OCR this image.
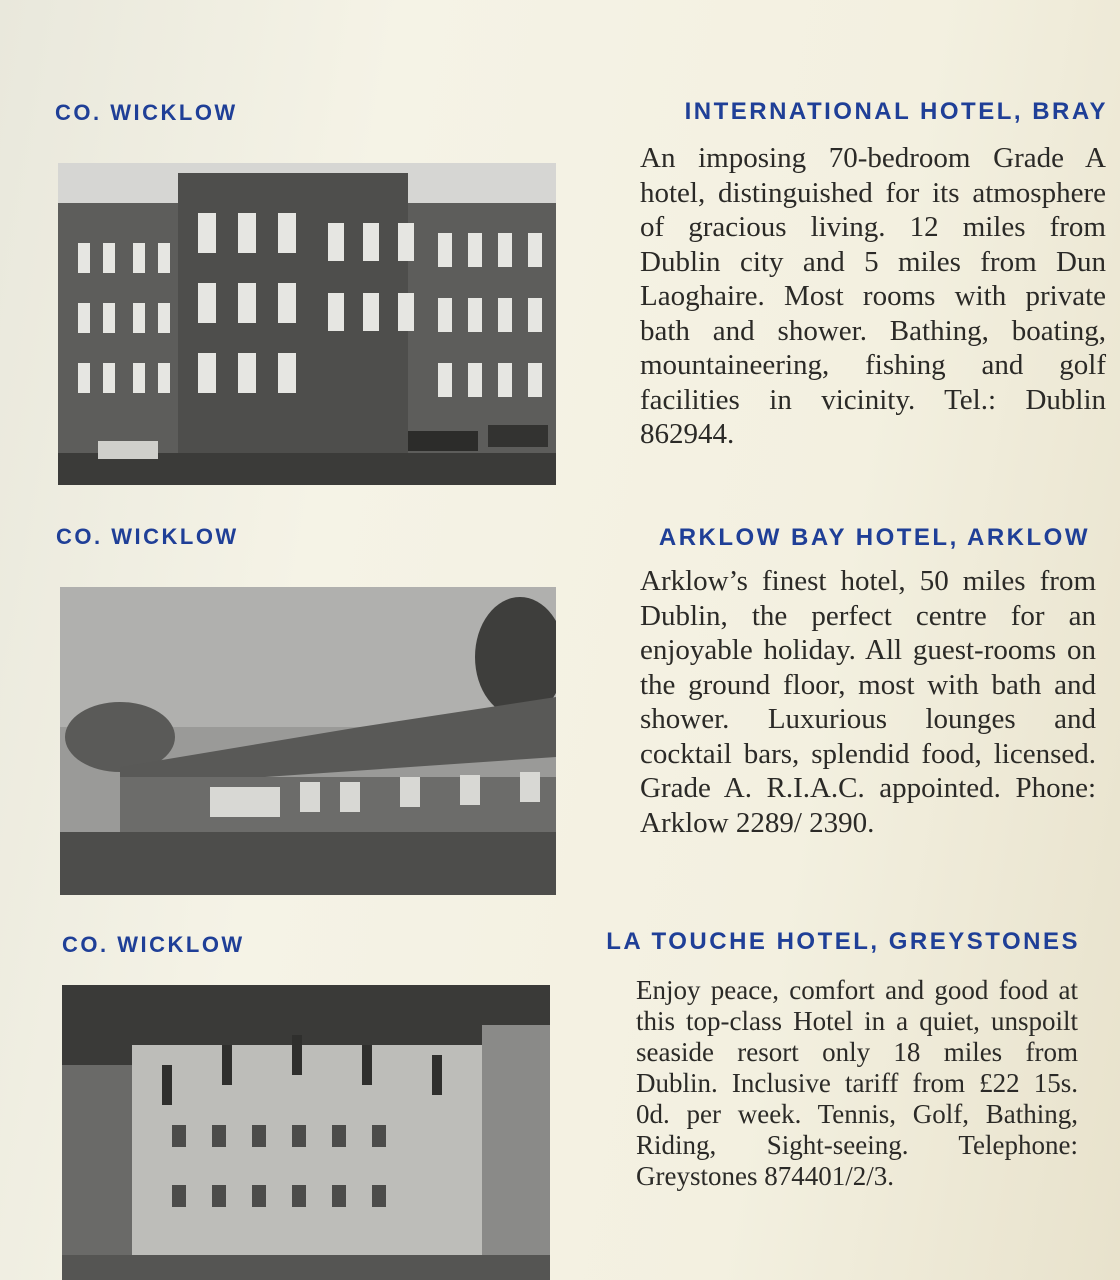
CO. WICKLOW	INTERNATIONAL HOTEL, BRAY
An imposing 70-bedroom Grade A hotel, distinguished for its atmosphere of gracious living. 12 miles from Dublin city and 5 miles from Dun Laoghaire. Most rooms with private bath and shower. Bathing, boating, mountaineering, fishing and golf facilities in vicinity. Tel.: Dublin 862944.
CO. WICKLOW	ARKLOW BAY HOTEL, ARKLOW
Arklow’s finest hotel, 50 miles from Dublin, the perfect centre for an enjoyable holiday. All guest-rooms on the ground floor, most with bath and shower. Luxurious lounges and cocktail bars, splendid food, licensed. Grade A. R.I.A.C. appointed. Phone: Arklow 2289/ 2390.
CO. WICKLOW	LA TOUCHE HOTEL, GREYSTONES
Enjoy peace, comfort and good food at this top-class Hotel in a quiet, unspoilt seaside resort only 18 miles from Dublin. Inclusive tariff from £22 15s. 0d. per week. Tennis, Golf, Bathing, Riding, Sight-seeing. Telephone: Greystones 874401/2/3.
